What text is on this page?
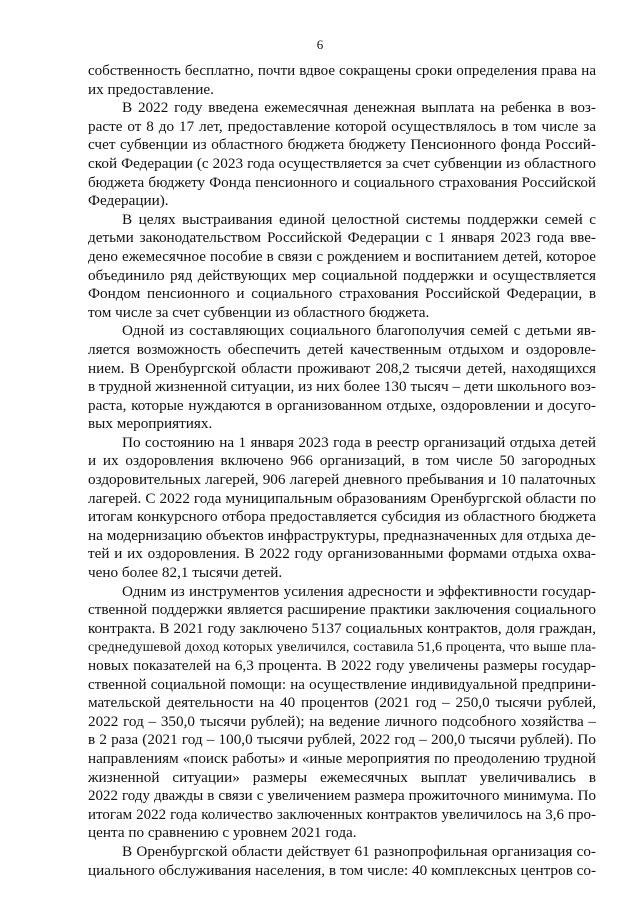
6
собственность бесплатно, почти вдвое сокращены сроки определения права на
их предоставление.
В 2022 году введена ежемесячная денежная выплата на ребенка в воз-
расте от 8 до 17 лет, предоставление которой осуществлялось в том числе за
счет субвенции из областного бюджета бюджету Пенсионного фонда Россий-
ской Федерации (с 2023 года осуществляется за счет субвенции из областного
бюджета бюджету Фонда пенсионного и социального страхования Российской
Федерации).
В целях выстраивания единой целостной системы поддержки семей с
детьми законодательством Российской Федерации с 1 января 2023 года вве-
дено ежемесячное пособие в связи с рождением и воспитанием детей, которое
объединило ряд действующих мер социальной поддержки и осуществляется
Фондом пенсионного и социального страхования Российской Федерации, в
том числе за счет субвенции из областного бюджета.
Одной из составляющих социального благополучия семей с детьми яв-
ляется возможность обеспечить детей качественным отдыхом и оздоровле-
нием. В Оренбургской области проживают 208,2 тысячи детей, находящихся
в трудной жизненной ситуации, из них более 130 тысяч – дети школьного воз-
раста, которые нуждаются в организованном отдыхе, оздоровлении и досуго-
вых мероприятиях.
По состоянию на 1 января 2023 года в реестр организаций отдыха детей
и их оздоровления включено 966 организаций, в том числе 50 загородных
оздоровительных лагерей, 906 лагерей дневного пребывания и 10 палаточных
лагерей. С 2022 года муниципальным образованиям Оренбургской области по
итогам конкурсного отбора предоставляется субсидия из областного бюджета
на модернизацию объектов инфраструктуры, предназначенных для отдыха де-
тей и их оздоровления. В 2022 году организованными формами отдыха охва-
чено более 82,1 тысячи детей.
Одним из инструментов усиления адресности и эффективности государ-
ственной поддержки является расширение практики заключения социального
контракта. В 2021 году заключено 5137 социальных контрактов, доля граждан,
среднедушевой доход которых увеличился, составила 51,6 процента, что выше пла-
новых показателей на 6,3 процента. В 2022 году увеличены размеры государ-
ственной социальной помощи: на осуществление индивидуальной предприни-
мательской деятельности на 40 процентов (2021 год – 250,0 тысячи рублей,
2022 год – 350,0 тысячи рублей); на ведение личного подсобного хозяйства –
в 2 раза (2021 год – 100,0 тысячи рублей, 2022 год – 200,0 тысячи рублей). По
направлениям «поиск работы» и «иные мероприятия по преодолению трудной
жизненной ситуации» размеры ежемесячных выплат увеличивались в
2022 году дважды в связи с увеличением размера прожиточного минимума. По
итогам 2022 года количество заключенных контрактов увеличилось на 3,6 про-
цента по сравнению с уровнем 2021 года.
В Оренбургской области действует 61 разнопрофильная организация со-
циального обслуживания населения, в том числе: 40 комплексных центров со-
